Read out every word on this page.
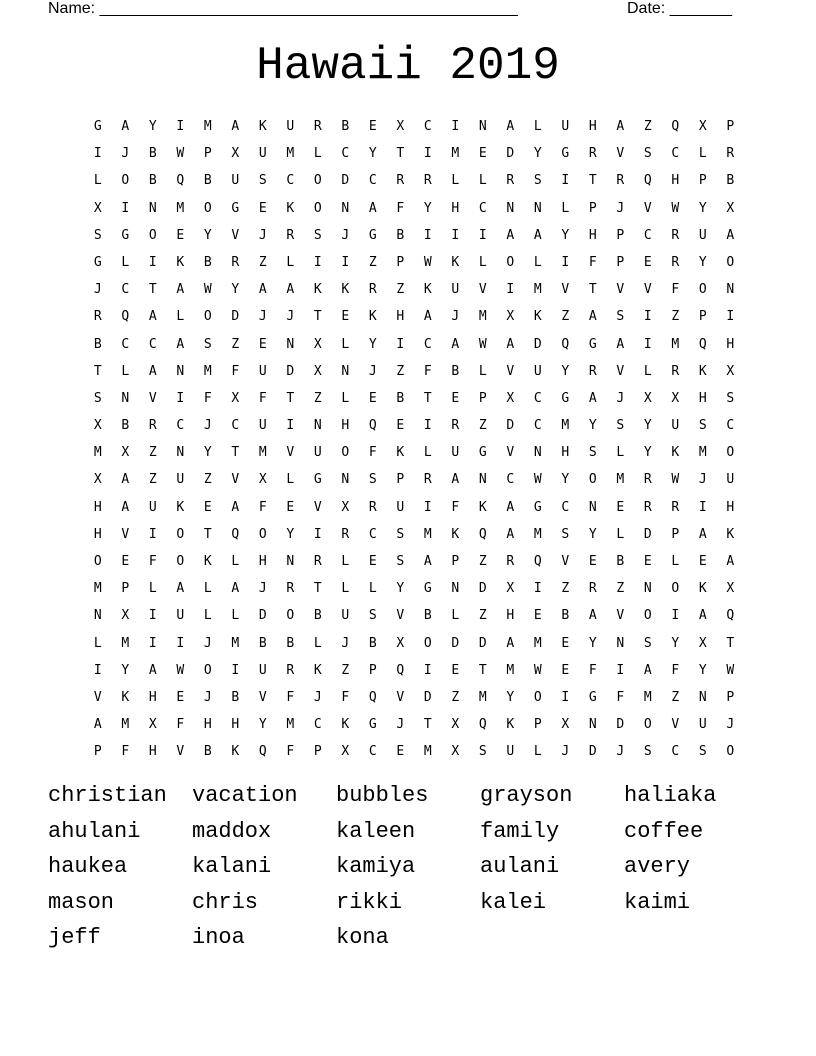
Name: _______________________________________________

	Date: _______

Hawaii 2019
G	A	Y	I	M	A	K	U	R	B	E	X	C	I	N	A	L	U	H	A	Z	Q	X	P
I	J	B	W	P	X	U	M	L	C	Y	T	I	M	E	D	Y	G	R	V	S	C	L	R
L	O	B	Q	B	U	S	C	O	D	C	R	R	L	L	R	S	I	T	R	Q	H	P	B
X	I	N	M	O	G	E	K	O	N	A	F	Y	H	C	N	N	L	P	J	V	W	Y	X
S	G	O	E	Y	V	J	R	S	J	G	B	I	I	I	A	A	Y	H	P	C	R	U	A
G	L	I	K	B	R	Z	L	I	I	Z	P	W	K	L	O	L	I	F	P	E	R	Y	O
J	C	T	A	W	Y	A	A	K	K	R	Z	K	U	V	I	M	V	T	V	V	F	O	N
R	Q	A	L	O	D	J	J	T	E	K	H	A	J	M	X	K	Z	A	S	I	Z	P	I
B	C	C	A	S	Z	E	N	X	L	Y	I	C	A	W	A	D	Q	G	A	I	M	Q	H
T	L	A	N	M	F	U	D	X	N	J	Z	F	B	L	V	U	Y	R	V	L	R	K	X
S	N	V	I	F	X	F	T	Z	L	E	B	T	E	P	X	C	G	A	J	X	X	H	S
X	B	R	C	J	C	U	I	N	H	Q	E	I	R	Z	D	C	M	Y	S	Y	U	S	C
M	X	Z	N	Y	T	M	V	U	O	F	K	L	U	G	V	N	H	S	L	Y	K	M	O
X	A	Z	U	Z	V	X	L	G	N	S	P	R	A	N	C	W	Y	O	M	R	W	J	U
H	A	U	K	E	A	F	E	V	X	R	U	I	F	K	A	G	C	N	E	R	R	I	H
H	V	I	O	T	Q	O	Y	I	R	C	S	M	K	Q	A	M	S	Y	L	D	P	A	K
O	E	F	O	K	L	H	N	R	L	E	S	A	P	Z	R	Q	V	E	B	E	L	E	A
M	P	L	A	L	A	J	R	T	L	L	Y	G	N	D	X	I	Z	R	Z	N	O	K	X
N	X	I	U	L	L	D	O	B	U	S	V	B	L	Z	H	E	B	A	V	O	I	A	Q
L	M	I	I	J	M	B	B	L	J	B	X	O	D	D	A	M	E	Y	N	S	Y	X	T
I	Y	A	W	O	I	U	R	K	Z	P	Q	I	E	T	M	W	E	F	I	A	F	Y	W
V	K	H	E	J	B	V	F	J	F	Q	V	D	Z	M	Y	O	I	G	F	M	Z	N	P
A	M	X	F	H	H	Y	M	C	K	G	J	T	X	Q	K	P	X	N	D	O	V	U	J
P	F	H	V	B	K	Q	F	P	X	C	E	M	X	S	U	L	J	D	J	S	C	S	O
christian	vacation	bubbles	grayson	haliaka
ahulani	maddox	kaleen	family	coffee
haukea	kalani	kamiya	aulani	avery
mason	chris	rikki	kalei	kaimi
jeff	inoa	kona
